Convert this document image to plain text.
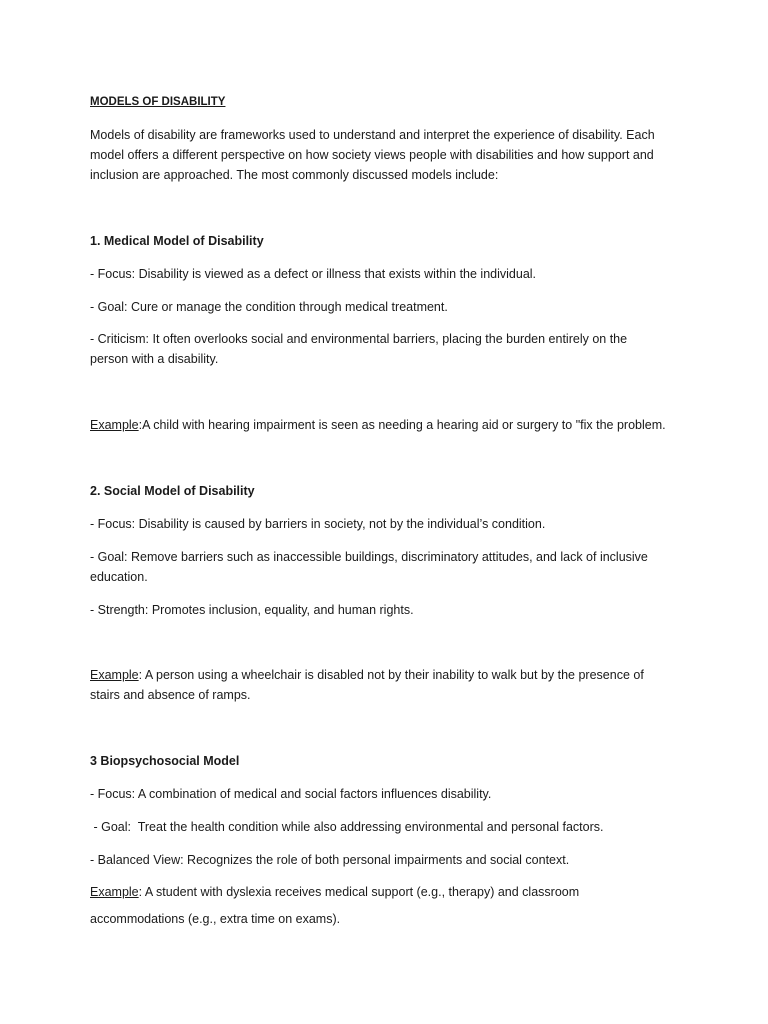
MODELS OF DISABILITY

Models of disability are frameworks used to understand and interpret the experience of disability. Each model offers a different perspective on how society views people with disabilities and how support and inclusion are approached. The most commonly discussed models include:

1. Medical Model of Disability

- Focus: Disability is viewed as a defect or illness that exists within the individual.

- Goal: Cure or manage the condition through medical treatment.

- Criticism: It often overlooks social and environmental barriers, placing the burden entirely on the person with a disability.

Example:A child with hearing impairment is seen as needing a hearing aid or surgery to "fix the problem.

2. Social Model of Disability

- Focus: Disability is caused by barriers in society, not by the individual’s condition.

- Goal: Remove barriers such as inaccessible buildings, discriminatory attitudes, and lack of inclusive education.

- Strength: Promotes inclusion, equality, and human rights.

Example: A person using a wheelchair is disabled not by their inability to walk but by the presence of stairs and absence of ramps.

3 Biopsychosocial Model

- Focus: A combination of medical and social factors influences disability.

- Goal:  Treat the health condition while also addressing environmental and personal factors.

- Balanced View: Recognizes the role of both personal impairments and social context.

Example: A student with dyslexia receives medical support (e.g., therapy) and classroom accommodations (e.g., extra time on exams).
